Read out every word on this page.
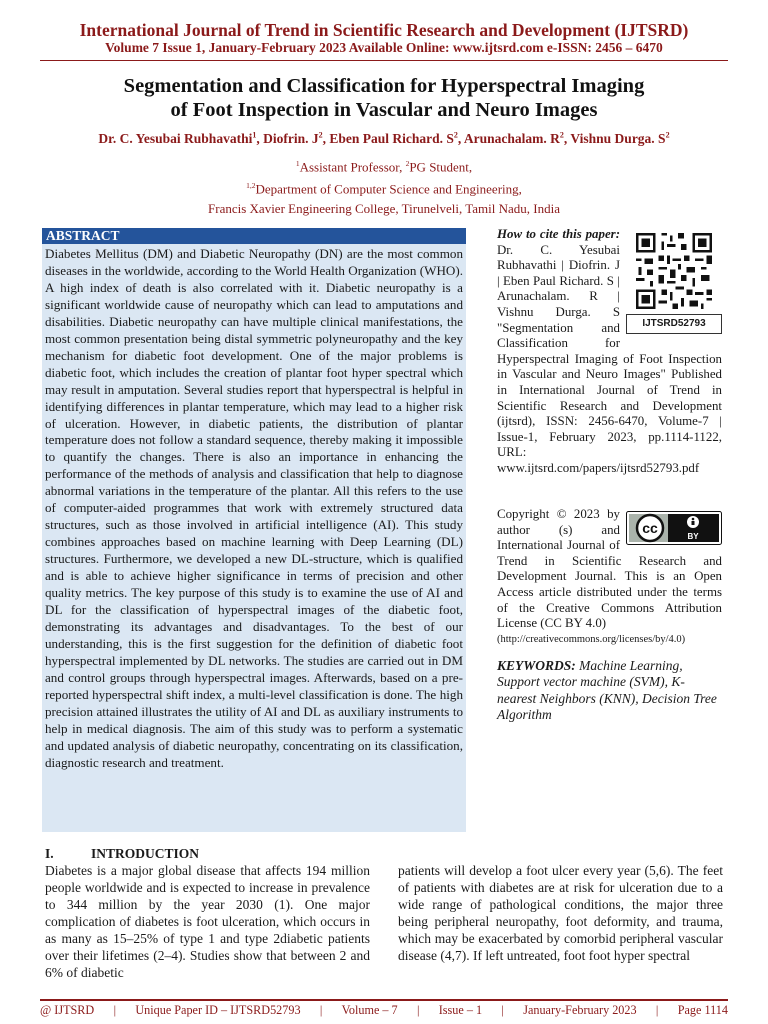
International Journal of Trend in Scientific Research and Development (IJTSRD)
Volume 7 Issue 1, January-February 2023 Available Online: www.ijtsrd.com e-ISSN: 2456 – 6470
Segmentation and Classification for Hyperspectral Imaging
of Foot Inspection in Vascular and Neuro Images
Dr. C. Yesubai Rubhavathi$^1$, Diofrin. $J^2$, Eben Paul Richard. $S^2$, Arunachalam. $R^2$, Vishnu Durga. $S^2$
$^1$Assistant Professor, $^2$PG Student,
$^{1,2}$Department of Computer Science and Engineering,
Francis Xavier Engineering College, Tirunelveli, Tamil Nadu, India
ABSTRACT
Diabetes Mellitus (DM) and Diabetic Neuropathy (DN) are the most common diseases in the worldwide, according to the World Health Organization (WHO). A high index of death is also correlated with it. Diabetic neuropathy is a significant worldwide cause of neuropathy which can lead to amputations and disabilities. Diabetic neuropathy can have multiple clinical manifestations, the most common presentation being distal symmetric polyneuropathy and the key mechanism for diabetic foot development. One of the major problems is diabetic foot, which includes the creation of plantar foot hyper spectral which may result in amputation. Several studies report that hyperspectral is helpful in identifying differences in plantar temperature, which may lead to a higher risk of ulceration. However, in diabetic patients, the distribution of plantar temperature does not follow a standard sequence, thereby making it impossible to quantify the changes. There is also an importance in enhancing the performance of the methods of analysis and classification that help to diagnose abnormal variations in the temperature of the plantar. All this refers to the use of computer-aided programmes that work with extremely structured data structures, such as those involved in artificial intelligence (AI). This study combines approaches based on machine learning with Deep Learning (DL) structures. Furthermore, we developed a new DL-structure, which is qualified and is able to achieve higher significance in terms of precision and other quality metrics. The key purpose of this study is to examine the use of AI and DL for the classification of hyperspectral images of the diabetic foot, demonstrating its advantages and disadvantages. To the best of our understanding, this is the first suggestion for the definition of diabetic foot hyperspectral implemented by DL networks. The studies are carried out in DM and control groups through hyperspectral images. Afterwards, based on a pre-reported hyperspectral shift index, a multi-level classification is done. The high precision attained illustrates the utility of AI and DL as auxiliary instruments to help in medical diagnosis. The aim of this study was to perform a systematic and updated analysis of diabetic neuropathy, concentrating on its classification, diagnostic research and treatment.
IJTSRD52793
How to cite this paper: Dr. C. Yesubai Rubhavathi | Diofrin. J | Eben Paul Richard. S | Arunachalam. R | Vishnu Durga. S "Segmentation and Classification for Hyperspectral Imaging of Foot Inspection in Vascular and Neuro Images" Published in International Journal of Trend in Scientific Research and Development (ijtsrd), ISSN: 2456-6470, Volume-7 | Issue-1, February 2023, pp.1114-1122, URL: www.ijtsrd.com/papers/ijtsrd52793.pdf
cc
BY
Copyright © 2023 by author (s) and International Journal of Trend in Scientific Research and Development Journal. This is an Open Access article distributed under the terms of the Creative Commons Attribution License (CC BY 4.0)
(http://creativecommons.org/licenses/by/4.0)
KEYWORDS: Machine Learning, Support vector machine (SVM), K-nearest Neighbors (KNN), Decision Tree Algorithm
I.	INTRODUCTION
Diabetes is a major global disease that affects 194 million people worldwide and is expected to increase in prevalence to 344 million by the year 2030 (1). One major complication of diabetes is foot ulceration, which occurs in as many as 15–25% of type 1 and type 2diabetic patients over their lifetimes (2–4). Studies show that between 2 and 6% of diabetic
patients will develop a foot ulcer every year (5,6). The feet of patients with diabetes are at risk for ulceration due to a wide range of pathological conditions, the major three being peripheral neuropathy, foot deformity, and trauma, which may be exacerbated by comorbid peripheral vascular disease (4,7). If left untreated, foot foot hyper spectral
@ IJTSRD | Unique Paper ID – IJTSRD52793 | Volume – 7 | Issue – 1 | January-February 2023 | Page 1114
